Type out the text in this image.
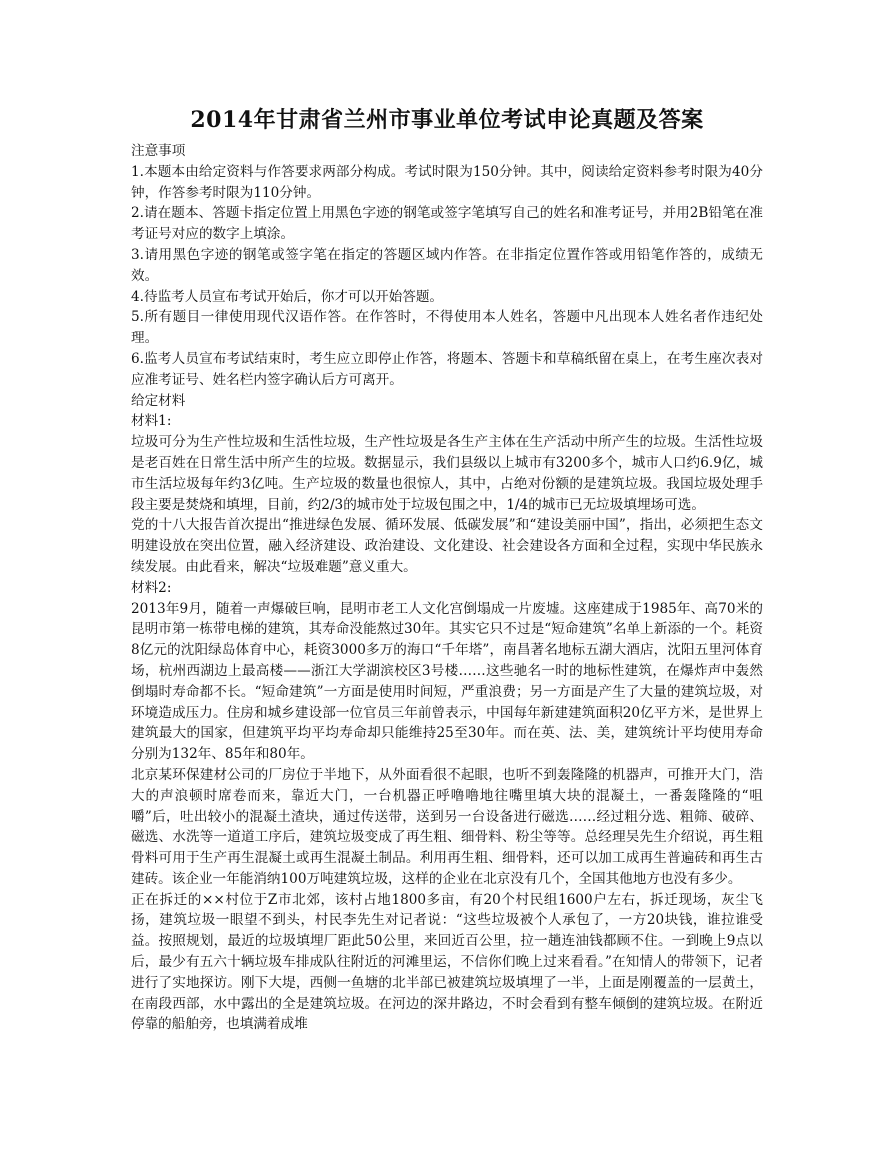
2014年甘肃省兰州市事业单位考试申论真题及答案

注意事项

1.本题本由给定资料与作答要求两部分构成。考试时限为150分钟。其中，阅读给定资料参考时限为40分钟，作答参考时限为110分钟。

2.请在题本、答题卡指定位置上用黑色字迹的钢笔或签字笔填写自己的姓名和准考证号，并用2B铅笔在准考证号对应的数字上填涂。

3.请用黑色字迹的钢笔或签字笔在指定的答题区域内作答。在非指定位置作答或用铅笔作答的，成绩无效。

4.待监考人员宣布考试开始后，你才可以开始答题。

5.所有题目一律使用现代汉语作答。在作答时，不得使用本人姓名，答题中凡出现本人姓名者作违纪处理。

6.监考人员宣布考试结束时，考生应立即停止作答，将题本、答题卡和草稿纸留在桌上，在考生座次表对应准考证号、姓名栏内签字确认后方可离开。

给定材料

材料1:

垃圾可分为生产性垃圾和生活性垃圾，生产性垃圾是各生产主体在生产活动中所产生的垃圾。生活性垃圾是老百姓在日常生活中所产生的垃圾。数据显示，我们县级以上城市有3200多个，城市人口约6.9亿，城市生活垃圾每年约3亿吨。生产垃圾的数量也很惊人，其中，占绝对份额的是建筑垃圾。我国垃圾处理手段主要是焚烧和填埋，目前，约2/3的城市处于垃圾包围之中，1/4的城市已无垃圾填埋场可选。

党的十八大报告首次提出“推进绿色发展、循环发展、低碳发展”和“建设美丽中国”，指出，必须把生态文明建设放在突出位置，融入经济建设、政治建设、文化建设、社会建设各方面和全过程，实现中华民族永续发展。由此看来，解决“垃圾难题”意义重大。

材料2:

2013年9月，随着一声爆破巨响，昆明市老工人文化宫倒塌成一片废墟。这座建成于1985年、高70米的昆明市第一栋带电梯的建筑，其寿命没能熬过30年。其实它只不过是“短命建筑”名单上新添的一个。耗资8亿元的沈阳绿岛体育中心，耗资3000多万的海口“千年塔”，南昌著名地标五湖大酒店，沈阳五里河体育场，杭州西湖边上最高楼——浙江大学湖滨校区3号楼……这些驰名一时的地标性建筑，在爆炸声中轰然倒塌时寿命都不长。“短命建筑”一方面是使用时间短，严重浪费；另一方面是产生了大量的建筑垃圾，对环境造成压力。住房和城乡建设部一位官员三年前曾表示，中国每年新建建筑面积20亿平方米，是世界上建筑最大的国家，但建筑平均平均寿命却只能维持25至30年。而在英、法、美，建筑统计平均使用寿命分别为132年、85年和80年。

北京某环保建材公司的厂房位于半地下，从外面看很不起眼，也听不到轰隆隆的机器声，可推开大门，浩大的声浪顿时席卷而来，靠近大门，一台机器正呼噜噜地往嘴里填大块的混凝土，一番轰隆隆的“咀嚼”后，吐出较小的混凝土渣块，通过传送带，送到另一台设备进行磁选……经过粗分选、粗筛、破碎、磁选、水洗等一道道工序后，建筑垃圾变成了再生粗、细骨料、粉尘等等。总经理吴先生介绍说，再生粗骨料可用于生产再生混凝土或再生混凝土制品。利用再生粗、细骨料，还可以加工成再生普遍砖和再生古建砖。该企业一年能消纳100万吨建筑垃圾，这样的企业在北京没有几个，全国其他地方也没有多少。

正在拆迁的××村位于Z市北郊，该村占地1800多亩，有20个村民组1600户左右，拆迁现场，灰尘飞扬，建筑垃圾一眼望不到头，村民李先生对记者说：“这些垃圾被个人承包了，一方20块钱，谁拉谁受益。按照规划，最近的垃圾填埋厂距此50公里，来回近百公里，拉一趟连油钱都顾不住。一到晚上9点以后，最少有五六十辆垃圾车排成队往附近的河滩里运，不信你们晚上过来看看。”在知情人的带领下，记者进行了实地探访。刚下大堤，西侧一鱼塘的北半部已被建筑垃圾填埋了一半，上面是刚覆盖的一层黄土，在南段西部，水中露出的全是建筑垃圾。在河边的深井路边，不时会看到有整车倾倒的建筑垃圾。在附近停靠的船舶旁，也填满着成堆
